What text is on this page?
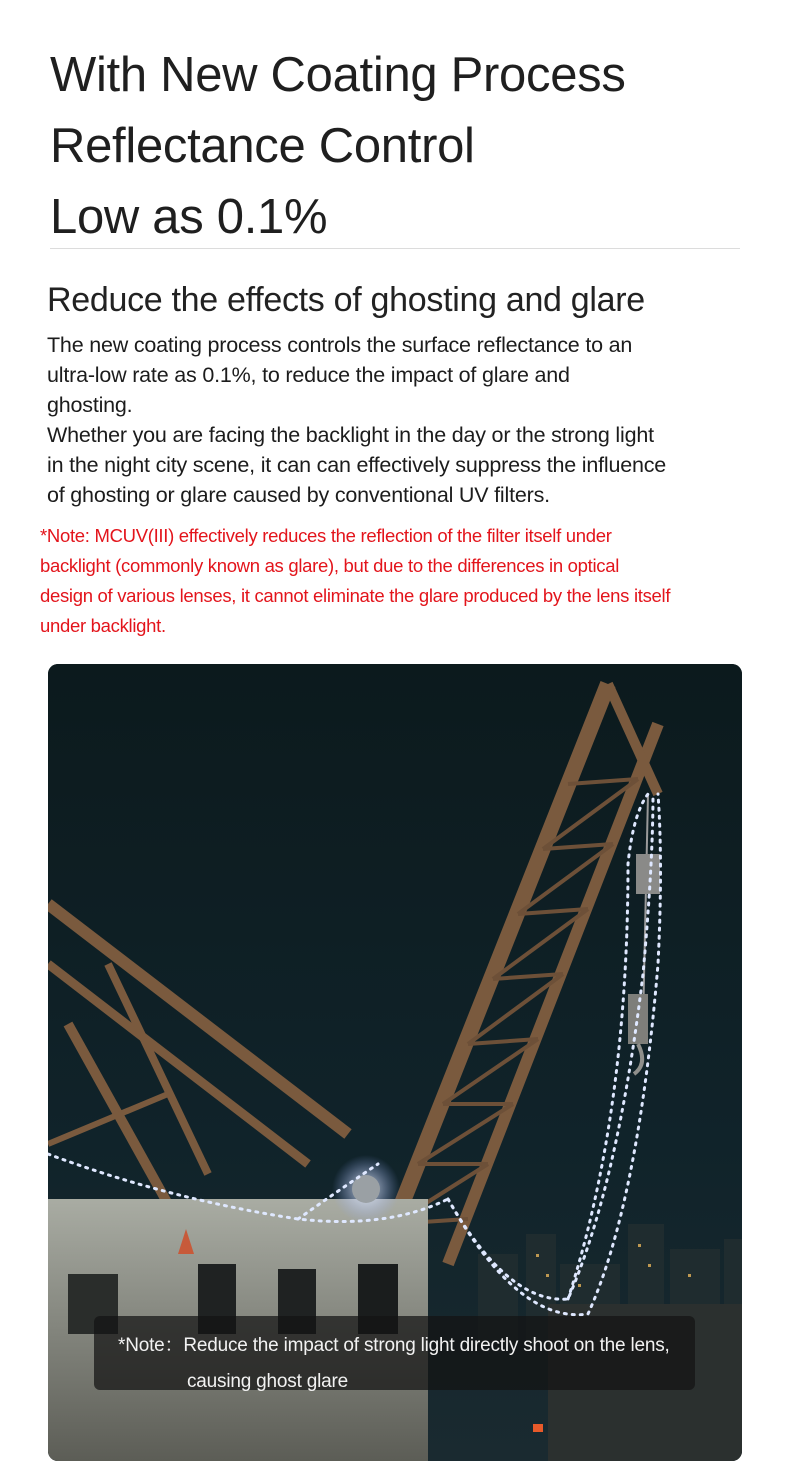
With New Coating Process
Reflectance Control
Low as 0.1%
Reduce the effects of ghosting and glare
The new coating process controls the surface reflectance to an
ultra-low rate as 0.1%, to reduce the impact of glare and
ghosting.
Whether you are facing the backlight in the day or the strong light
in the night city scene, it can can effectively suppress the influence
of ghosting or glare caused by conventional UV filters.
*Note: MCUV(III) effectively reduces the reflection of the filter itself under
backlight (commonly known as glare), but due to the differences in optical
design of various lenses, it cannot eliminate the glare produced by the lens itself
under backlight.
*Note：Reduce the impact of strong light directly shoot on the lens,
causing ghost glare
